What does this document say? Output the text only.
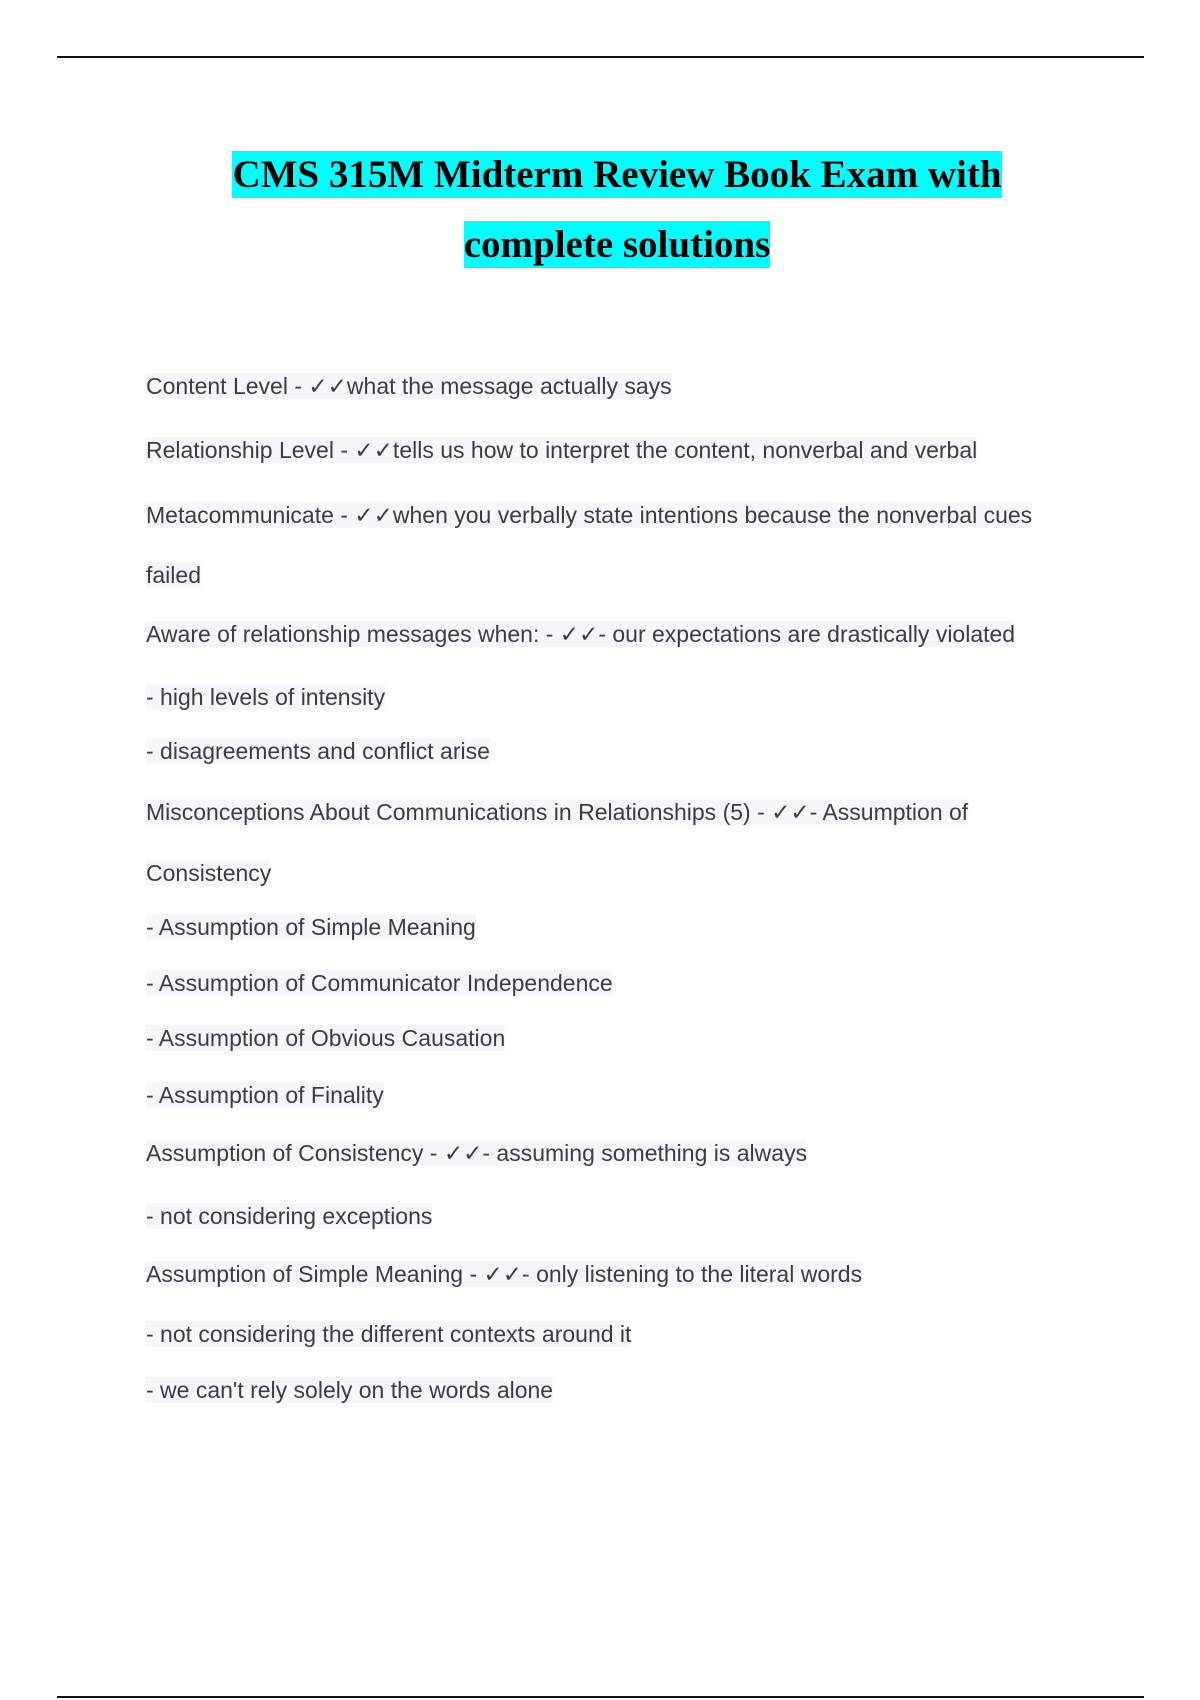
CMS 315M Midterm Review Book Exam with
complete solutions
Content Level - ✓✓what the message actually says
Relationship Level - ✓✓tells us how to interpret the content, nonverbal and verbal
Metacommunicate - ✓✓when you verbally state intentions because the nonverbal cues
failed
Aware of relationship messages when: - ✓✓- our expectations are drastically violated
- high levels of intensity
- disagreements and conflict arise
Misconceptions About Communications in Relationships (5) - ✓✓- Assumption of
Consistency
- Assumption of Simple Meaning
- Assumption of Communicator Independence
- Assumption of Obvious Causation
- Assumption of Finality
Assumption of Consistency - ✓✓- assuming something is always
- not considering exceptions
Assumption of Simple Meaning - ✓✓- only listening to the literal words
- not considering the different contexts around it
- we can't rely solely on the words alone
